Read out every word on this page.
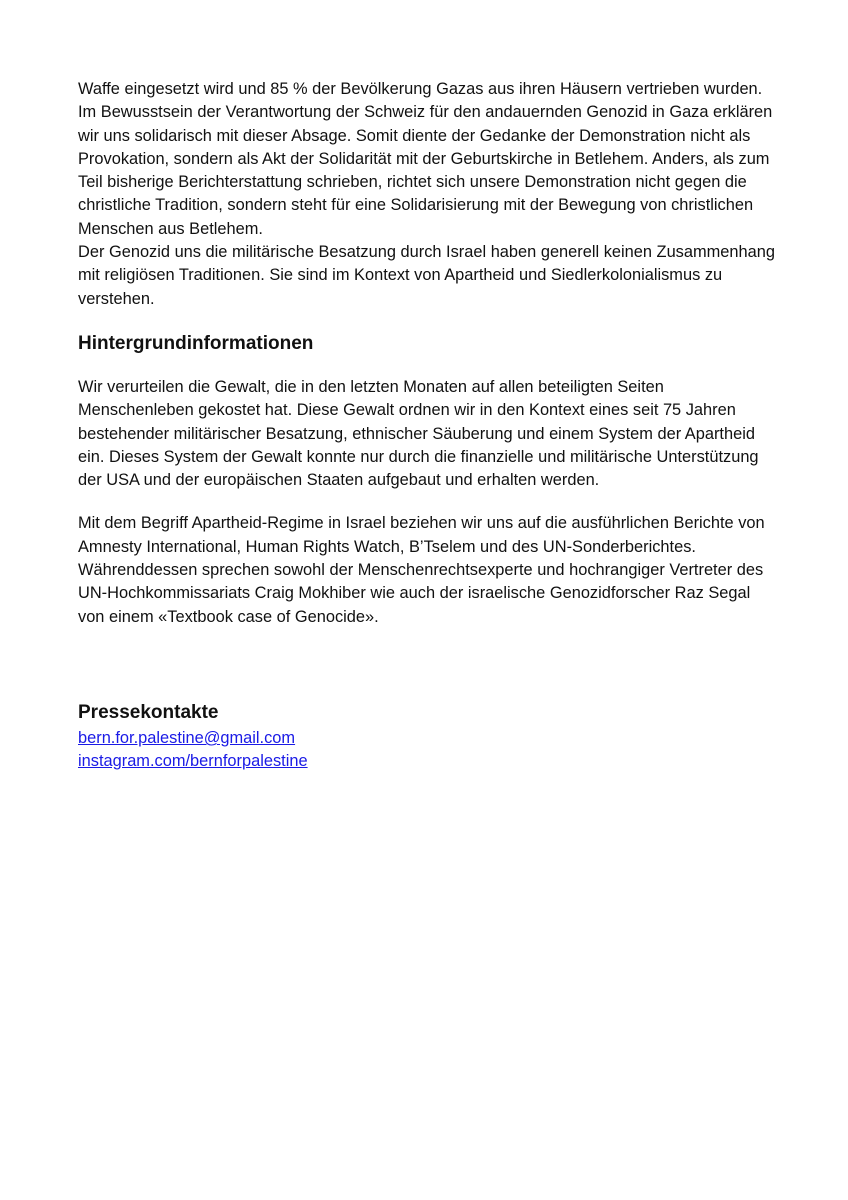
Waffe eingesetzt wird und 85 % der Bevölkerung Gazas aus ihren Häusern vertrieben wurden.

Im Bewusstsein der Verantwortung der Schweiz für den andauernden Genozid in Gaza erklären wir uns solidarisch mit dieser Absage. Somit diente der Gedanke der Demonstration nicht als Provokation, sondern als Akt der Solidarität mit der Geburtskirche in Betlehem. Anders, als zum Teil bisherige Berichterstattung schrieben, richtet sich unsere Demonstration nicht gegen die christliche Tradition, sondern steht für eine Solidarisierung mit der Bewegung von christlichen Menschen aus Betlehem.

Der Genozid uns die militärische Besatzung durch Israel haben generell keinen Zusammenhang mit religiösen Traditionen. Sie sind im Kontext von Apartheid und Siedlerkolonialismus zu verstehen.

Hintergrundinformationen

Wir verurteilen die Gewalt, die in den letzten Monaten auf allen beteiligten Seiten Menschenleben gekostet hat. Diese Gewalt ordnen wir in den Kontext eines seit 75 Jahren bestehender militärischer Besatzung, ethnischer Säuberung und einem System der Apartheid ein. Dieses System der Gewalt konnte nur durch die finanzielle und militärische Unterstützung der USA und der europäischen Staaten aufgebaut und erhalten werden.

Mit dem Begriff Apartheid-Regime in Israel beziehen wir uns auf die ausführlichen Berichte von Amnesty International, Human Rights Watch, B’Tselem und des UN-Sonderberichtes. Währenddessen sprechen sowohl der Menschenrechtsexperte und hochrangiger Vertreter des UN-Hochkommissariats Craig Mokhiber wie auch der israelische Genozidforscher Raz Segal von einem «Textbook case of Genocide».

Pressekontakte
bern.for.palestine@gmail.com
instagram.com/bernforpalestine
